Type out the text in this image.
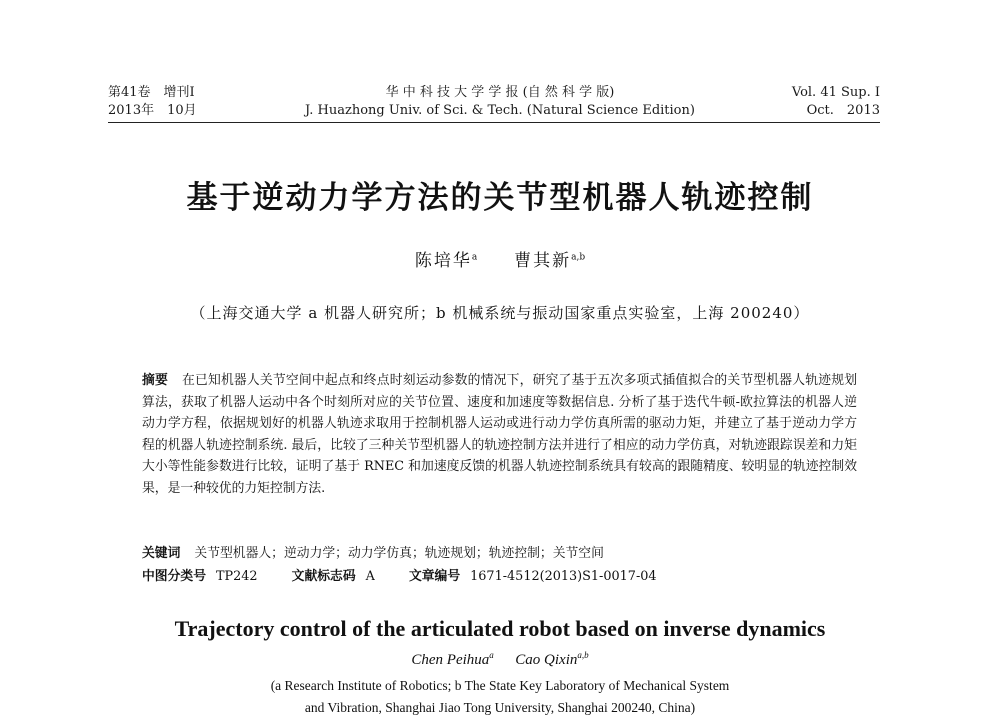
第41卷　增刊Ⅰ
2013年　10月
华 中 科 技 大 学 学 报 (自 然 科 学 版)
J. Huazhong Univ. of Sci. & Tech. (Natural Science Edition)
Vol. 41 Sup. Ⅰ
Oct.　2013
基于逆动力学方法的关节型机器人轨迹控制
陈培华$^a$ 曹其新$^{a,b}$
（上海交通大学 a 机器人研究所；b 机械系统与振动国家重点实验室，上海 200240）
摘要 在已知机器人关节空间中起点和终点时刻运动参数的情况下，研究了基于五次多项式插值拟合的关节型机器人轨迹规划算法，获取了机器人运动中各个时刻所对应的关节位置、速度和加速度等数据信息. 分析了基于迭代牛顿-欧拉算法的机器人逆动力学方程，依据规划好的机器人轨迹求取用于控制机器人运动或进行动力学仿真所需的驱动力矩，并建立了基于逆动力学方程的机器人轨迹控制系统. 最后，比较了三种关节型机器人的轨迹控制方法并进行了相应的动力学仿真，对轨迹跟踪误差和力矩大小等性能参数进行比较，证明了基于 RNEC 和加速度反馈的机器人轨迹控制系统具有较高的跟随精度、较明显的轨迹控制效果，是一种较优的力矩控制方法.
关键词 关节型机器人；逆动力学；动力学仿真；轨迹规划；轨迹控制；关节空间
中图分类号 TP242	文献标志码 A	文章编号 1671-4512(2013)S1-0017-04
Trajectory control of the articulated robot based on inverse dynamics
Chen Peihua$^a$ Cao Qixin$^{a,b}$
(a Research Institute of Robotics; b The State Key Laboratory of Mechanical System
and Vibration, Shanghai Jiao Tong University, Shanghai 200240, China)
